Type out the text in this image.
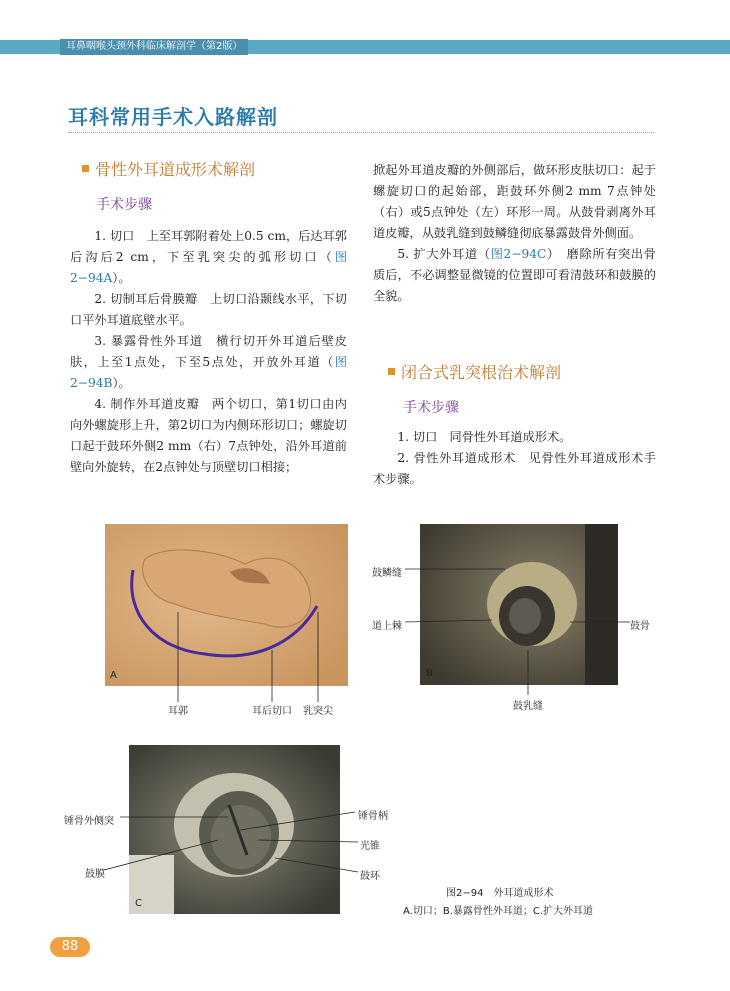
耳鼻咽喉头颈外科临床解剖学（第2版）
耳科常用手术入路解剖
骨性外耳道成形术解剖
手术步骤

1. 切口　上至耳郭附着处上0.5 cm，后达耳郭后沟后2 cm，下至乳突尖的弧形切口（图2−94A）。

2. 切制耳后骨膜瓣　上切口沿颞线水平，下切口平外耳道底壁水平。

3. 暴露骨性外耳道　横行切开外耳道后壁皮肤，上至1点处，下至5点处，开放外耳道（图2−94B）。

4. 制作外耳道皮瓣　两个切口，第1切口由内向外螺旋形上升，第2切口为内侧环形切口；螺旋切口起于鼓环外侧2 mm（右）7点钟处，沿外耳道前壁向外旋转，在2点钟处与顶壁切口相接；

掀起外耳道皮瓣的外侧部后，做环形皮肤切口：起于螺旋切口的起始部，距鼓环外侧2 mm 7点钟处（右）或5点钟处（左）环形一周。从鼓骨剥离外耳道皮瓣，从鼓乳缝到鼓鳞缝彻底暴露鼓骨外侧面。

5. 扩大外耳道（图2−94C）　磨除所有突出骨质后，不必调整显微镜的位置即可看清鼓环和鼓膜的全貌。

闭合式乳突根治术解剖
手术步骤

1. 切口　同骨性外耳道成形术。

2. 骨性外耳道成形术　见骨性外耳道成形术手术步骤。

A
耳郭	耳后切口 乳突尖
B
鼓鳞缝
道上棘	鼓骨
鼓乳缝
C
锤骨外侧突
鼓膜
锤骨柄
光锥
鼓环
图2−94　外耳道成形术
A.切口；B.暴露骨性外耳道；C.扩大外耳道
88
